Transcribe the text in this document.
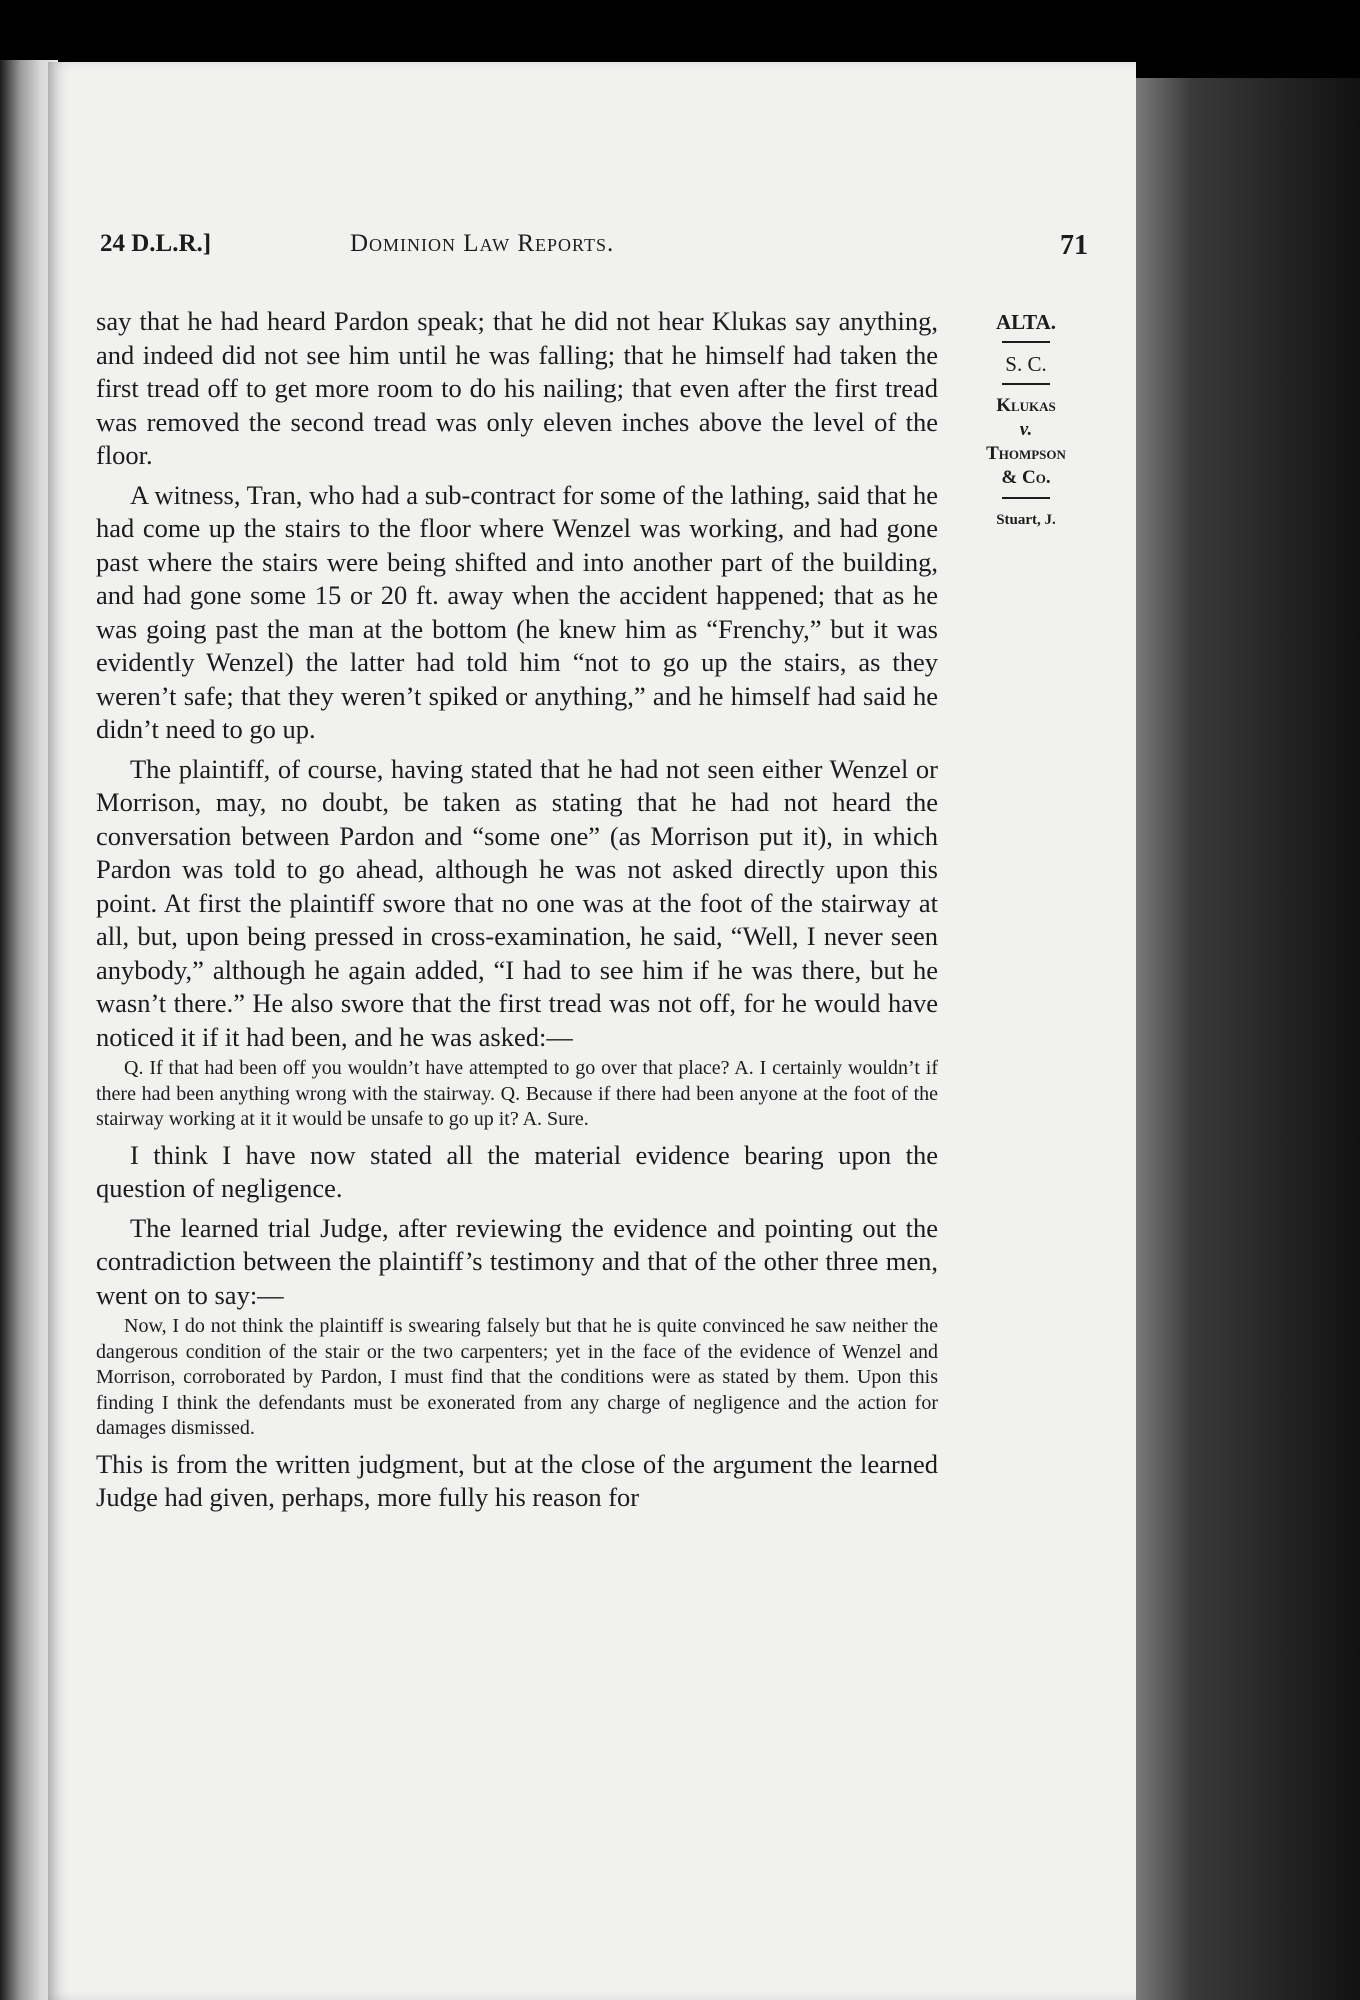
24 D.L.R.]	Dominion Law Reports.	71

say that he had heard Pardon speak; that he did not hear Klukas say anything, and indeed did not see him until he was falling; that he himself had taken the first tread off to get more room to do his nailing; that even after the first tread was removed the second tread was only eleven inches above the level of the floor.

A witness, Tran, who had a sub-contract for some of the lathing, said that he had come up the stairs to the floor where Wenzel was working, and had gone past where the stairs were being shifted and into another part of the building, and had gone some 15 or 20 ft. away when the accident happened; that as he was going past the man at the bottom (he knew him as “Frenchy,” but it was evidently Wenzel) the latter had told him “not to go up the stairs, as they weren’t safe; that they weren’t spiked or anything,” and he himself had said he didn’t need to go up.

The plaintiff, of course, having stated that he had not seen either Wenzel or Morrison, may, no doubt, be taken as stating that he had not heard the conversation between Pardon and “some one” (as Morrison put it), in which Pardon was told to go ahead, although he was not asked directly upon this point. At first the plaintiff swore that no one was at the foot of the stairway at all, but, upon being pressed in cross-examination, he said, “Well, I never seen anybody,” although he again added, “I had to see him if he was there, but he wasn’t there.” He also swore that the first tread was not off, for he would have noticed it if it had been, and he was asked:—

Q. If that had been off you wouldn’t have attempted to go over that place? A. I certainly wouldn’t if there had been anything wrong with the stairway. Q. Because if there had been anyone at the foot of the stairway working at it it would be unsafe to go up it? A. Sure.

I think I have now stated all the material evidence bearing upon the question of negligence.

The learned trial Judge, after reviewing the evidence and pointing out the contradiction between the plaintiff’s testimony and that of the other three men, went on to say:—

Now, I do not think the plaintiff is swearing falsely but that he is quite convinced he saw neither the dangerous condition of the stair or the two carpenters; yet in the face of the evidence of Wenzel and Morrison, corroborated by Pardon, I must find that the conditions were as stated by them. Upon this finding I think the defendants must be exonerated from any charge of negligence and the action for damages dismissed.

This is from the written judgment, but at the close of the argument the learned Judge had given, perhaps, more fully his reason for

ALTA.
S. C.
Klukas
v.
Thompson
& Co.
Stuart, J.
